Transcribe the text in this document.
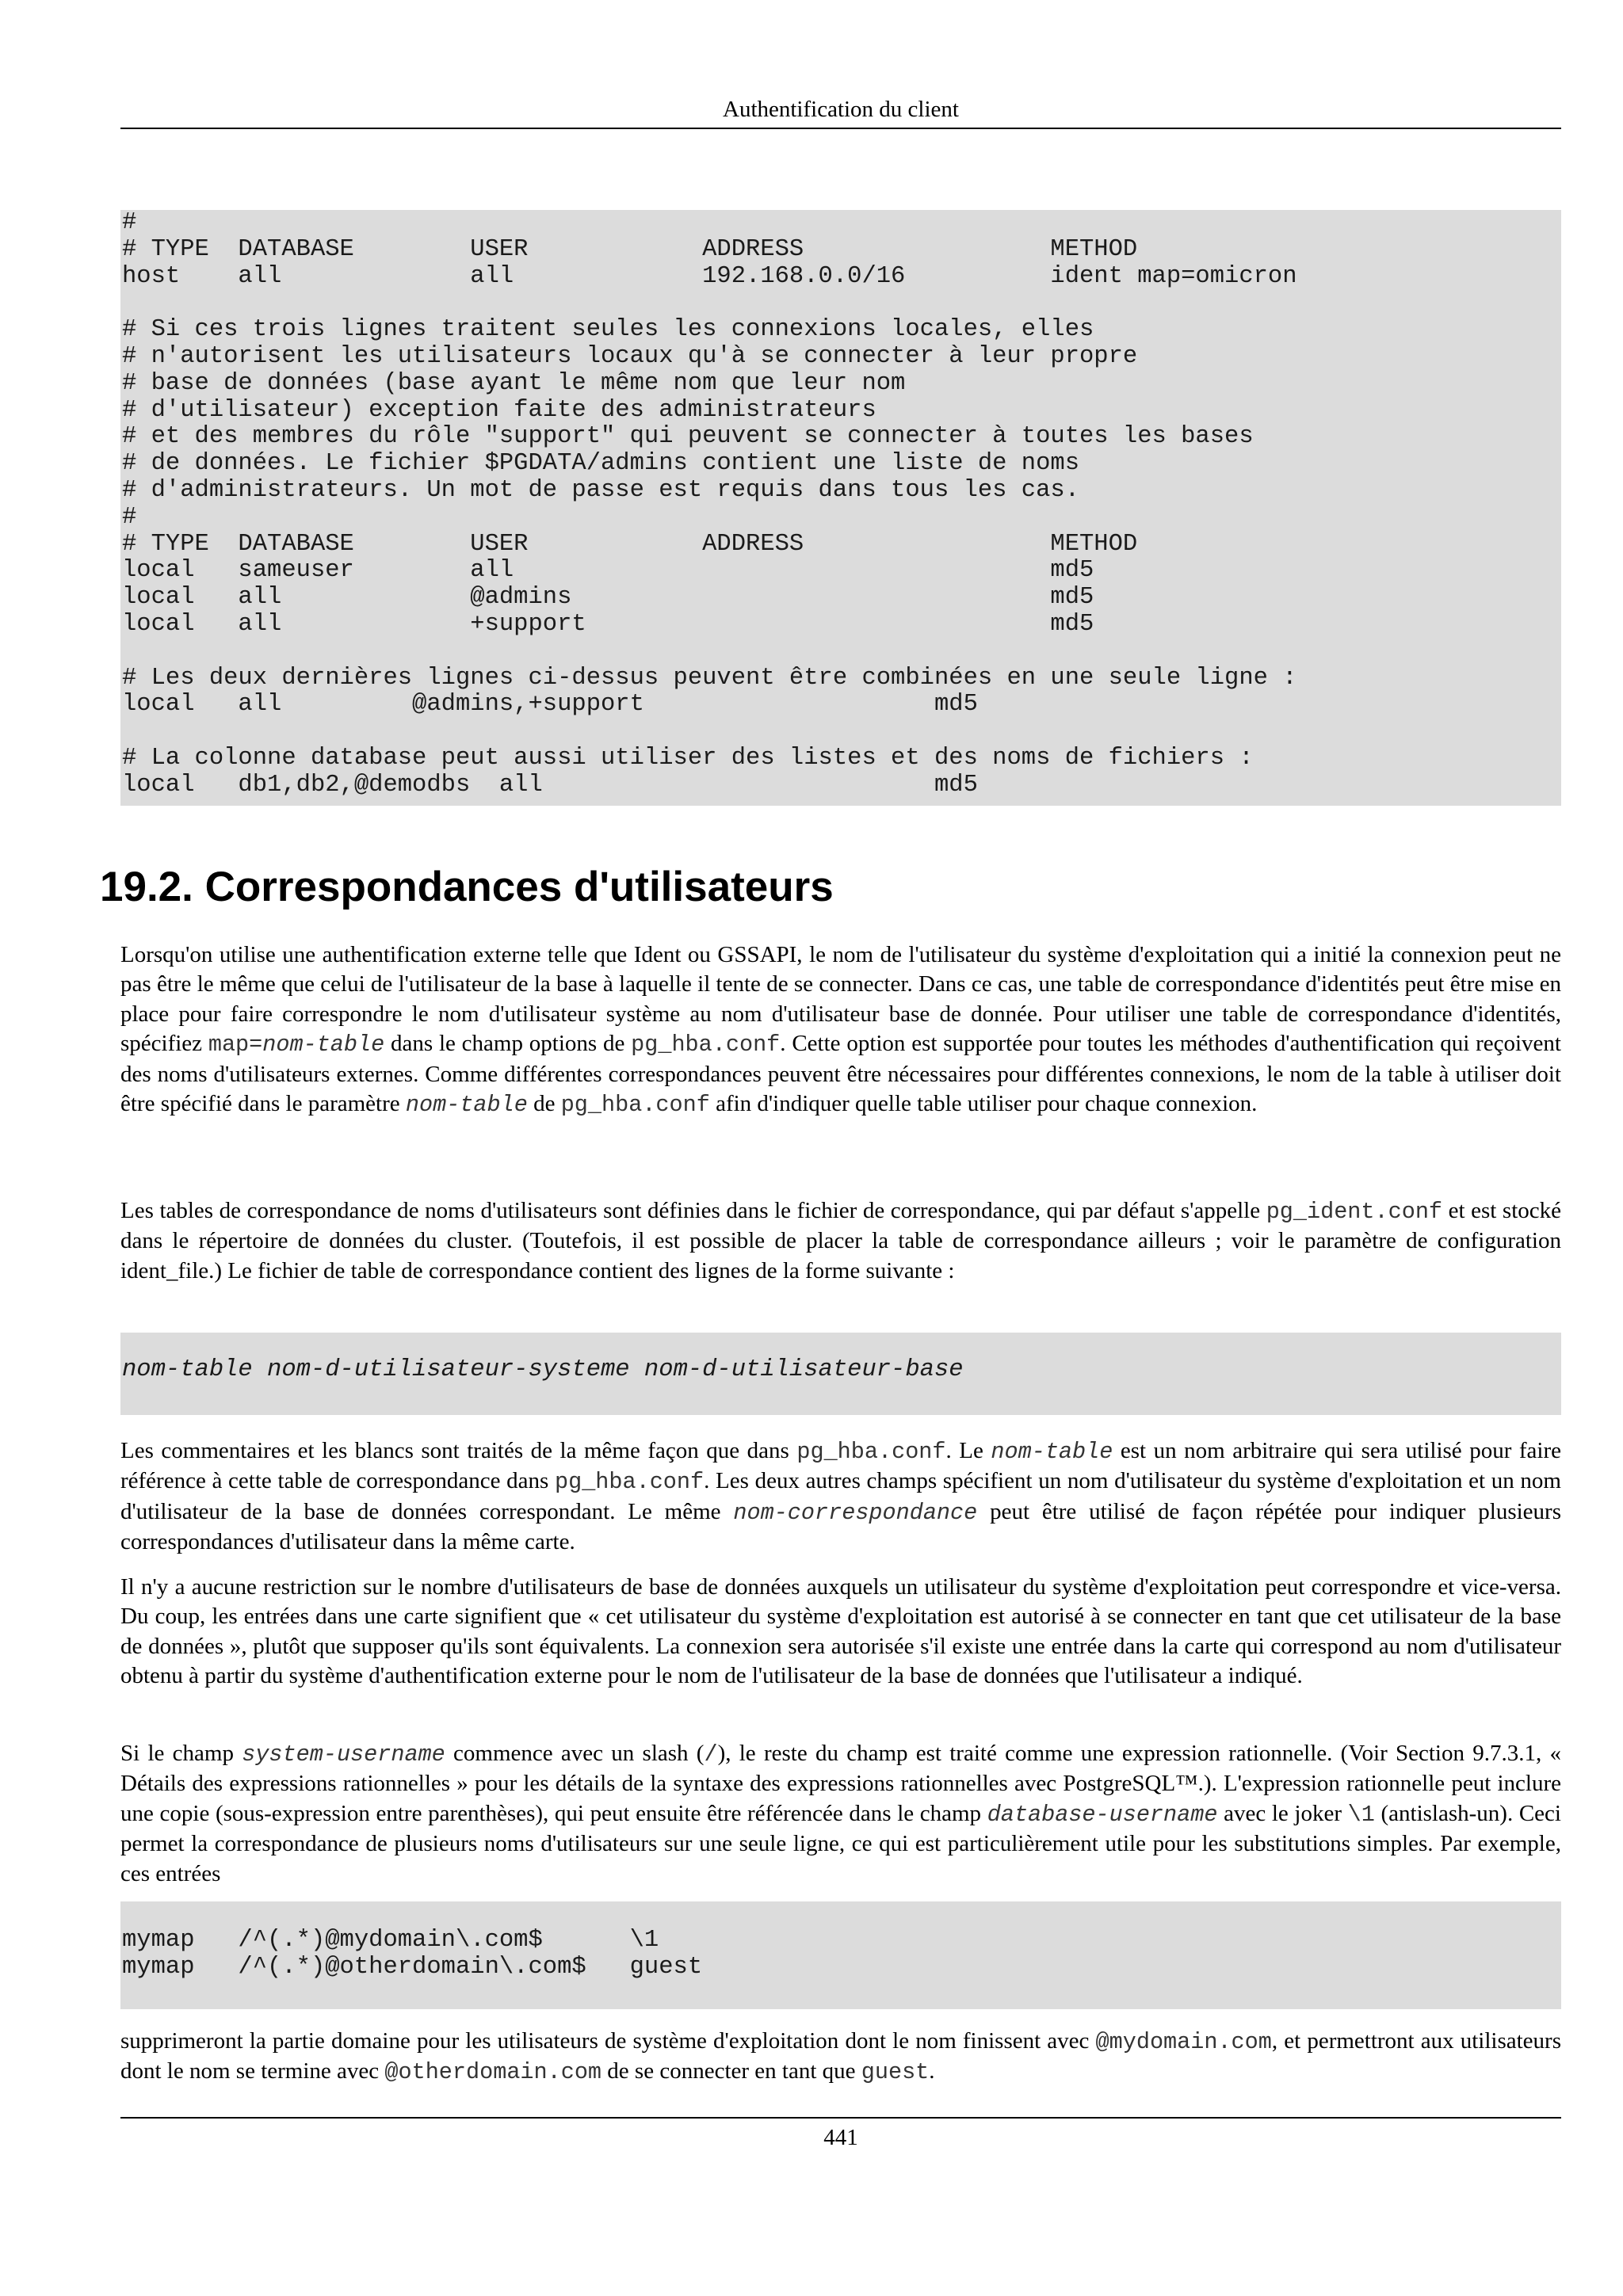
Authentification du client
#
# TYPE  DATABASE        USER            ADDRESS                 METHOD
host    all             all             192.168.0.0/16          ident map=omicron
# Si ces trois lignes traitent seules les connexions locales, elles
# n'autorisent les utilisateurs locaux qu'à se connecter à leur propre
# base de données (base ayant le même nom que leur nom
# d'utilisateur) exception faite des administrateurs
# et des membres du rôle "support" qui peuvent se connecter à toutes les bases
# de données. Le fichier $PGDATA/admins contient une liste de noms
# d'administrateurs. Un mot de passe est requis dans tous les cas.
#
# TYPE  DATABASE        USER            ADDRESS                 METHOD
local   sameuser        all                                     md5
local   all             @admins                                 md5
local   all             +support                                md5
# Les deux dernières lignes ci-dessus peuvent être combinées en une seule ligne :
local   all         @admins,+support                    md5
# La colonne database peut aussi utiliser des listes et des noms de fichiers :
local   db1,db2,@demodbs  all                           md5
19.2. Correspondances d'utilisateurs

Lorsqu'on utilise une authentification externe telle que Ident ou GSSAPI, le nom de l'utilisateur du système d'exploitation qui a initié la connexion peut ne pas être le même que celui de l'utilisateur de la base à laquelle il tente de se connecter. Dans ce cas, une table de correspondance d'identités peut être mise en place pour faire correspondre le nom d'utilisateur système au nom d'utilisateur base de donnée. Pour utiliser une table de correspondance d'identités, spécifiez map=nom-table dans le champ options de pg_hba.conf. Cette option est supportée pour toutes les méthodes d'authentification qui reçoivent des noms d'utilisateurs externes. Comme différentes correspondances peuvent être nécessaires pour différentes connexions, le nom de la table à utiliser doit être spécifié dans le paramètre nom-table de pg_hba.conf afin d'indiquer quelle table utiliser pour chaque connexion.

Les tables de correspondance de noms d'utilisateurs sont définies dans le fichier de correspondance, qui par défaut s'appelle pg_ident.conf et est stocké dans le répertoire de données du cluster. (Toutefois, il est possible de placer la table de correspondance ailleurs ; voir le paramètre de configuration ident_file.) Le fichier de table de correspondance contient des lignes de la forme suivante :

nom-table nom-d-utilisateur-systeme nom-d-utilisateur-base

Les commentaires et les blancs sont traités de la même façon que dans pg_hba.conf. Le nom-table est un nom arbitraire qui sera utilisé pour faire référence à cette table de correspondance dans pg_hba.conf. Les deux autres champs spécifient un nom d'utilisateur du système d'exploitation et un nom d'utilisateur de la base de données correspondant. Le même nom-correspondance peut être utilisé de façon répétée pour indiquer plusieurs correspondances d'utilisateur dans la même carte.

Il n'y a aucune restriction sur le nombre d'utilisateurs de base de données auxquels un utilisateur du système d'exploitation peut correspondre et vice-versa. Du coup, les entrées dans une carte signifient que « cet utilisateur du système d'exploitation est autorisé à se connecter en tant que cet utilisateur de la base de données », plutôt que supposer qu'ils sont équivalents. La connexion sera autorisée s'il existe une entrée dans la carte qui correspond au nom d'utilisateur obtenu à partir du système d'authentification externe pour le nom de l'utilisateur de la base de données que l'utilisateur a indiqué.

Si le champ system-username commence avec un slash (/), le reste du champ est traité comme une expression rationnelle. (Voir Section 9.7.3.1, « Détails des expressions rationnelles » pour les détails de la syntaxe des expressions rationnelles avec PostgreSQL™.). L'expression rationnelle peut inclure une copie (sous-expression entre parenthèses), qui peut ensuite être référencée dans le champ database-username avec le joker \1 (antislash-un). Ceci permet la correspondance de plusieurs noms d'utilisateurs sur une seule ligne, ce qui est particulièrement utile pour les substitutions simples. Par exemple, ces entrées

mymap   /^(.*)@mydomain\.com$      \1
mymap   /^(.*)@otherdomain\.com$   guest

supprimeront la partie domaine pour les utilisateurs de système d'exploitation dont le nom finissent avec @mydomain.com, et permettront aux utilisateurs dont le nom se termine avec @otherdomain.com de se connecter en tant que guest.

441
